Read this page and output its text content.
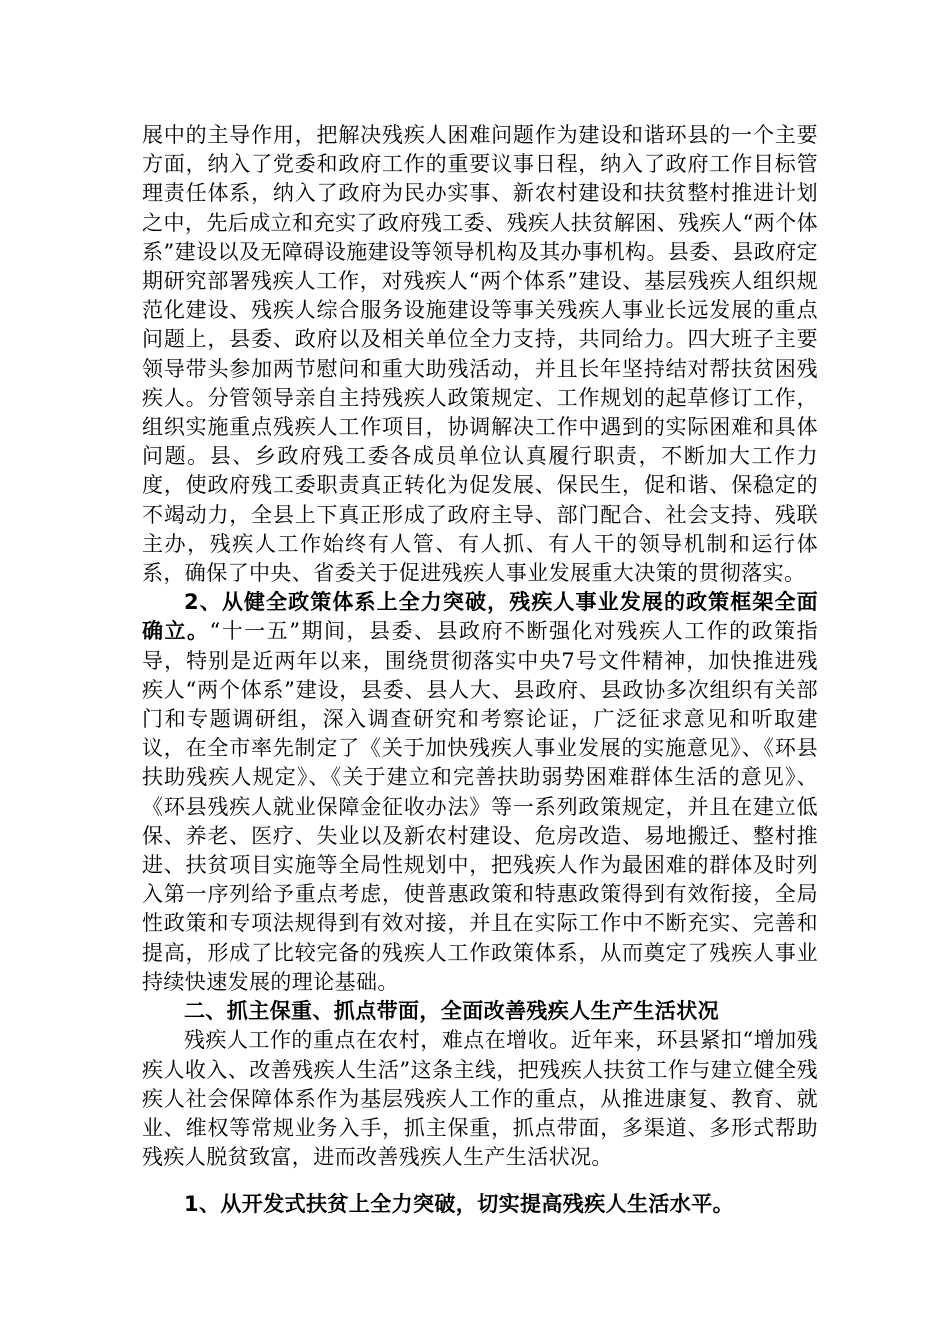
展中的主导作用，把解决残疾人困难问题作为建设和谐环县的一个主要方面，纳入了党委和政府工作的重要议事日程，纳入了政府工作目标管理责任体系，纳入了政府为民办实事、新农村建设和扶贫整村推进计划之中，先后成立和充实了政府残工委、残疾人扶贫解困、残疾人“两个体系”建设以及无障碍设施建设等领导机构及其办事机构。县委、县政府定期研究部署残疾人工作，对残疾人“两个体系”建设、基层残疾人组织规范化建设、残疾人综合服务设施建设等事关残疾人事业长远发展的重点问题上，县委、政府以及相关单位全力支持，共同给力。四大班子主要领导带头参加两节慰问和重大助残活动，并且长年坚持结对帮扶贫困残疾人。分管领导亲自主持残疾人政策规定、工作规划的起草修订工作，组织实施重点残疾人工作项目，协调解决工作中遇到的实际困难和具体问题。县、乡政府残工委各成员单位认真履行职责，不断加大工作力度，使政府残工委职责真正转化为促发展、保民生，促和谐、保稳定的不竭动力，全县上下真正形成了政府主导、部门配合、社会支持、残联主办，残疾人工作始终有人管、有人抓、有人干的领导机制和运行体系，确保了中央、省委关于促进残疾人事业发展重大决策的贯彻落实。

2、从健全政策体系上全力突破，残疾人事业发展的政策框架全面确立。“十一五”期间，县委、县政府不断强化对残疾人工作的政策指导，特别是近两年以来，围绕贯彻落实中央7号文件精神，加快推进残疾人“两个体系”建设，县委、县人大、县政府、县政协多次组织有关部门和专题调研组，深入调查研究和考察论证，广泛征求意见和听取建议，在全市率先制定了《关于加快残疾人事业发展的实施意见》、《环县扶助残疾人规定》、《关于建立和完善扶助弱势困难群体生活的意见》、《环县残疾人就业保障金征收办法》等一系列政策规定，并且在建立低保、养老、医疗、失业以及新农村建设、危房改造、易地搬迁、整村推进、扶贫项目实施等全局性规划中，把残疾人作为最困难的群体及时列入第一序列给予重点考虑，使普惠政策和特惠政策得到有效衔接，全局性政策和专项法规得到有效对接，并且在实际工作中不断充实、完善和提高，形成了比较完备的残疾人工作政策体系，从而奠定了残疾人事业持续快速发展的理论基础。

二、抓主保重、抓点带面，全面改善残疾人生产生活状况

残疾人工作的重点在农村，难点在增收。近年来，环县紧扣“增加残疾人收入、改善残疾人生活”这条主线，把残疾人扶贫工作与建立健全残疾人社会保障体系作为基层残疾人工作的重点，从推进康复、教育、就业、维权等常规业务入手，抓主保重，抓点带面，多渠道、多形式帮助残疾人脱贫致富，进而改善残疾人生产生活状况。

1、从开发式扶贫上全力突破，切实提高残疾人生活水平。
